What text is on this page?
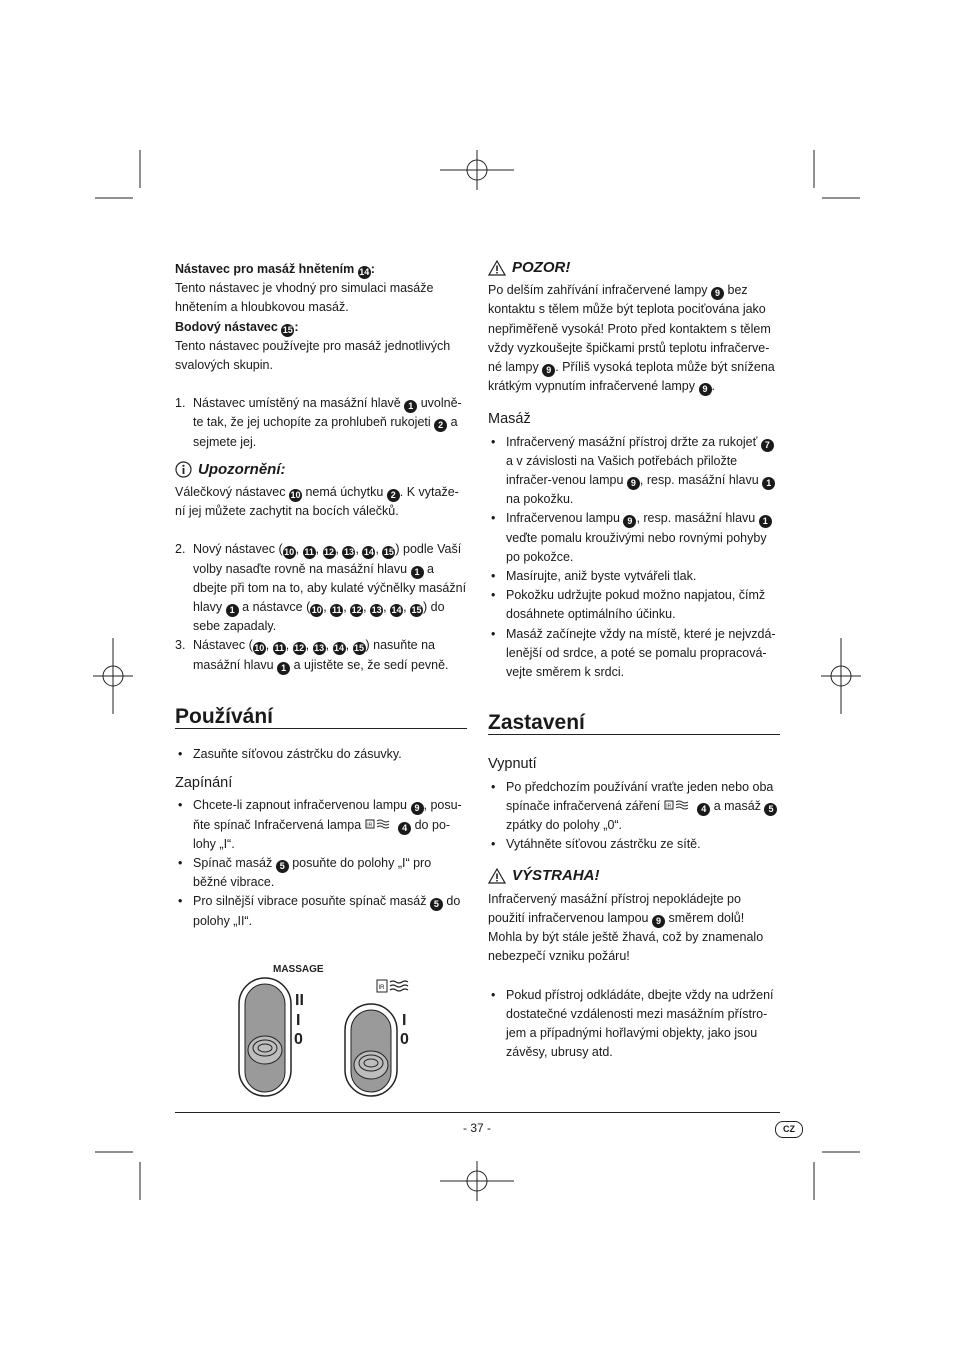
Nástavec pro masáž hnětením 14 :

Tento nástavec je vhodný pro simulaci masáže hnětením a hloubkovou masáž.

Bodový nástavec 15 :

Tento nástavec používejte pro masáž jednotlivých svalových skupin.

1. Nástavec umístěný na masážní hlavě 1 uvolně-te tak, že jej uchopíte za prohlubeň rukojeti 2 a sejmete jej.
Upozornění:

Válečkový nástavec 10 nemá úchytku 2 . K vytaže-ní jej můžete zachytit na bocích válečků.

2. Nový nástavec (10 , 11 , 12 , 13 , 14 , 15 ) podle Vaší volby nasaďte rovně na masážní hlavu 1 a dbejte při tom na to, aby kulaté výčnělky masážní hlavy 1 a nástavce (10 , 11 , 12 , 13 , 14 , 15 ) do sebe zapadaly.
3. Nástavec (10 , 11 , 12 , 13 , 14 , 15 ) nasuňte na masážní hlavu 1 a ujistěte se, že sedí pevně.
Používání
• Zasuňte síťovou zástrčku do zásuvky.
Zapínání
• Chcete-li zapnout infračervenou lampu 9 , posu-ňte spínač Infračervená lampa IR	4 do po-lohy „I“.
• Spínač masáž 5 posuňte do polohy „I“ pro běžné vibrace.
• Pro silnější vibrace posuňte spínač masáž 5 do polohy „II“.
MASSAGE
II
I
0
IR
I
0
POZOR!

Po delším zahřívání infračervené lampy 9 bez kontaktu s tělem může být teplota pociťována jako nepřiměřeně vysoká! Proto před kontaktem s tělem vždy vyzkoušejte špičkami prstů teplotu infračerve-né lampy 9 . Příliš vysoká teplota může být snížena krátkým vypnutím infračervené lampy 9 .

Masáž
• Infračervený masážní přístroj držte za rukojeť 7 a v závislosti na Vašich potřebách přiložte infračer-venou lampu 9 , resp. masážní hlavu 1 na pokožku.
• Infračervenou lampu 9 , resp. masážní hlavu 1 veďte pomalu krouživými nebo rovnými pohyby po pokožce.
• Masírujte, aniž byste vytvářeli tlak.
• Pokožku udržujte pokud možno napjatou, čímž dosáhnete optimálního účinku.
• Masáž začínejte vždy na místě, které je nejvzdá-lenější od srdce, a poté se pomalu propracová-vejte směrem k srdci.
Zastavení
Vypnutí
• Po předchozím používání vraťte jeden nebo oba spínače infračervená záření IR	4 a masáž 5 zpátky do polohy „0“.
• Vytáhněte síťovou zástrčku ze sítě.
VÝSTRAHA!

Infračervený masážní přístroj nepokládejte po použití infračervenou lampou 9 směrem dolů! Mohla by být stále ještě žhavá, což by znamenalo nebezpečí vzniku požáru!

• Pokud přístroj odkládáte, dbejte vždy na udržení dostatečné vzdálenosti mezi masážním přístro-jem a případnými hořlavými objekty, jako jsou závěsy, ubrusy atd.
- 37 -	CZ
